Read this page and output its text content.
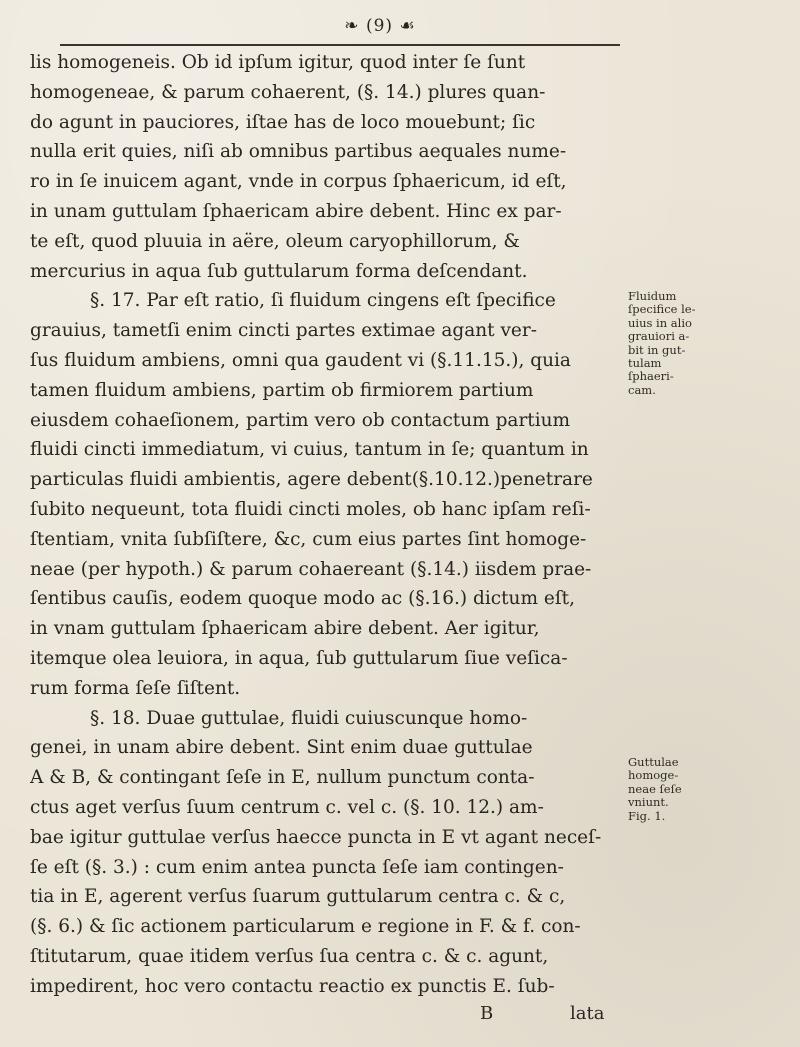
❧ (9) ☙
lis homogeneis. Ob id ipſum igitur, quod inter ſe ſunt
homogeneae, & parum cohaerent, (§. 14.) plures quan-
do agunt in pauciores, iſtae has de loco mouebunt; ſic
nulla erit quies, niſi ab omnibus partibus aequales nume-
ro in ſe inuicem agant, vnde in corpus ſphaericum, id eſt,
in unam guttulam ſphaericam abire debent. Hinc ex par-
te eſt, quod pluuia in aëre, oleum caryophillorum, &
mercurius in aqua ſub guttularum forma deſcendant.
§. 17. Par eſt ratio, ſi fluidum cingens eſt ſpecifice
grauius, tametſi enim cincti partes extimae agant ver-
ſus fluidum ambiens, omni qua gaudent vi (§.11.15.), quia
tamen fluidum ambiens, partim ob firmiorem partium
eiusdem cohaeſionem, partim vero ob contactum partium
fluidi cincti immediatum, vi cuius, tantum in ſe; quantum in
particulas fluidi ambientis, agere debent(§.10.12.)penetrare
ſubito nequeunt, tota fluidi cincti moles, ob hanc ipſam reſi-
ſtentiam, vnita ſubſiſtere, &c, cum eius partes ſint homoge-
neae (per hypoth.) & parum cohaereant (§.14.) iisdem prae-
ſentibus cauſis, eodem quoque modo ac (§.16.) dictum eſt,
in vnam guttulam ſphaericam abire debent. Aer igitur,
itemque olea leuiora, in aqua, ſub guttularum ſiue veſica-
rum forma ſeſe ſiſtent.
§. 18. Duae guttulae, fluidi cuiuscunque homo-
genei, in unam abire debent. Sint enim duae guttulae
A & B, & contingant ſeſe in E, nullum punctum conta-
ctus aget verſus ſuum centrum c. vel c. (§. 10. 12.) am-
bae igitur guttulae verſus haecce puncta in E vt agant neceſ-
ſe eſt (§. 3.) : cum enim antea puncta ſeſe iam contingen-
tia in E, agerent verſus ſuarum guttularum centra c. & c,
(§. 6.) & ſic actionem particularum e regione in F. & f. con-
ſtitutarum, quae itidem verſus ſua centra c. & c. agunt,
impedirent, hoc vero contactu reactio ex punctis E. ſub-
Fluidum
ſpecifice le-
uius in alio
grauiori a-
bit in gut-
tulam
ſphaeri-
cam.
Guttulae
homoge-
neae ſeſe
vniunt.
Fig. 1.
B	lata
